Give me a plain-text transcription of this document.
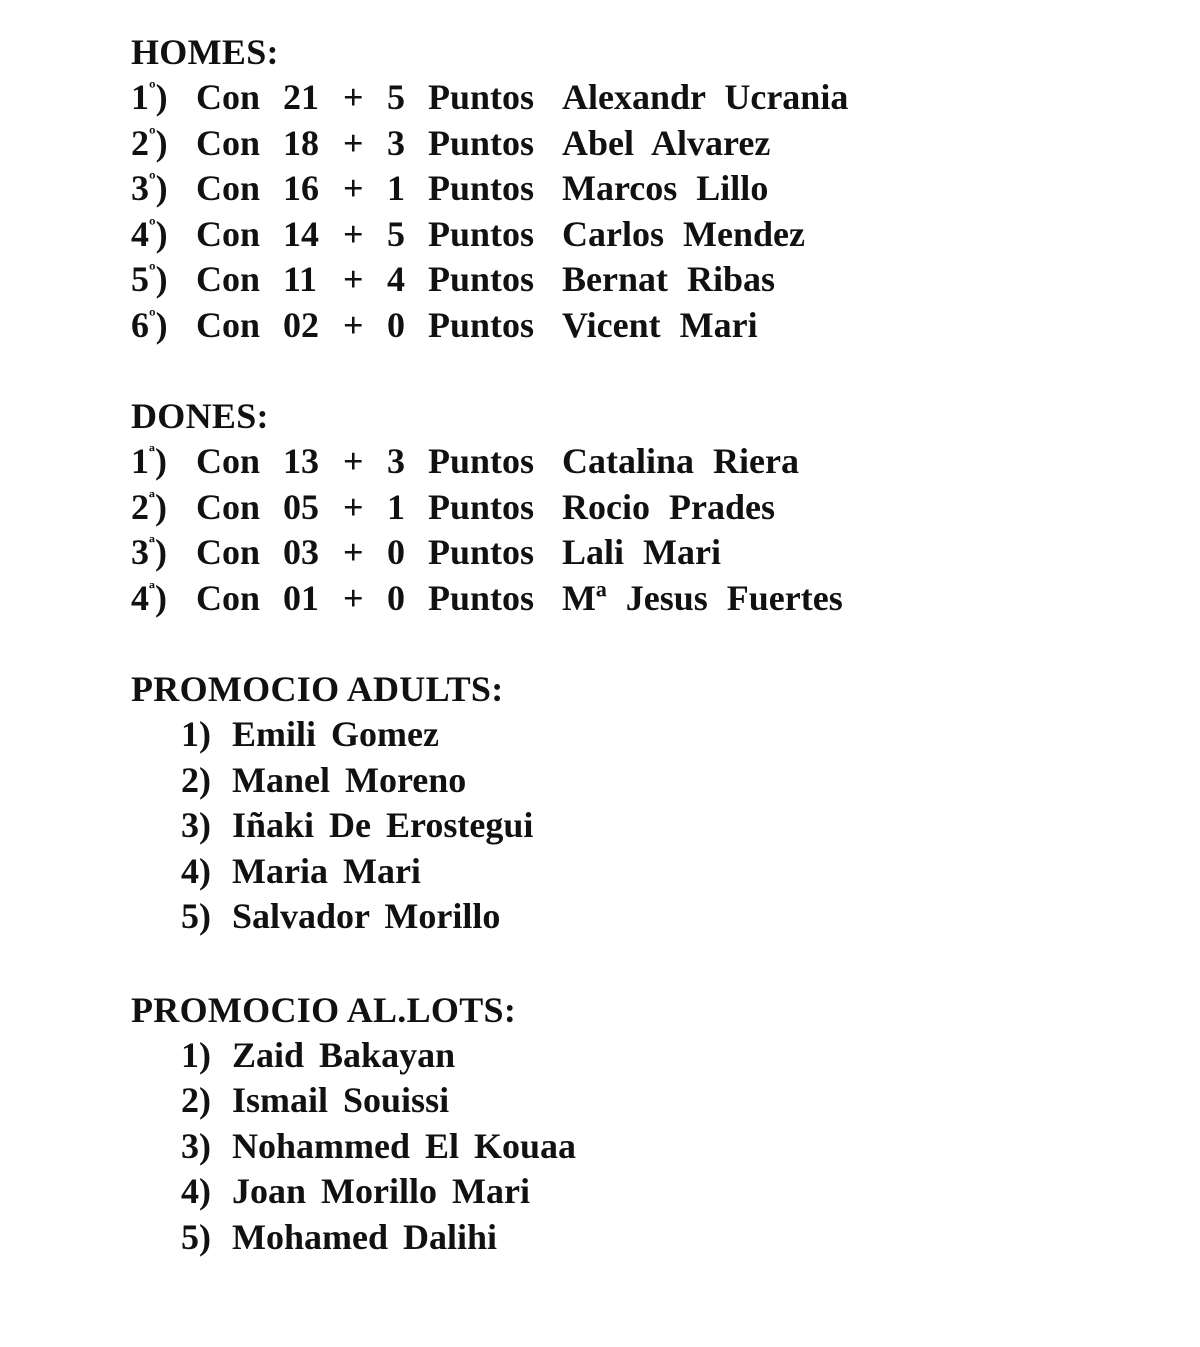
HOMES:
$1^º$) Con 21 + 5 Puntos Alexandr Ucrania
$2^º$) Con 18 + 3 Puntos Abel Alvarez
$3^º$) Con 16 + 1 Puntos Marcos Lillo
$4^º$) Con 14 + 5 Puntos Carlos Mendez
$5^º$) Con 11 + 4 Puntos Bernat Ribas
$6^º$) Con 02 + 0 Puntos Vicent Mari
DONES:
$1^ª$) Con 13 + 3 Puntos Catalina Riera
$2^ª$) Con 05 + 1 Puntos Rocio Prades
$3^ª$) Con 03 + 0 Puntos Lali Mari
$4^ª$) Con 01 + 0 Puntos Mª Jesus Fuertes
PROMOCIO ADULTS:
1) Emili Gomez
2) Manel Moreno
3) Iñaki De Erostegui
4) Maria Mari
5) Salvador Morillo
PROMOCIO AL.LOTS:
1) Zaid Bakayan
2) Ismail Souissi
3) Nohammed El Kouaa
4) Joan Morillo Mari
5) Mohamed Dalihi
